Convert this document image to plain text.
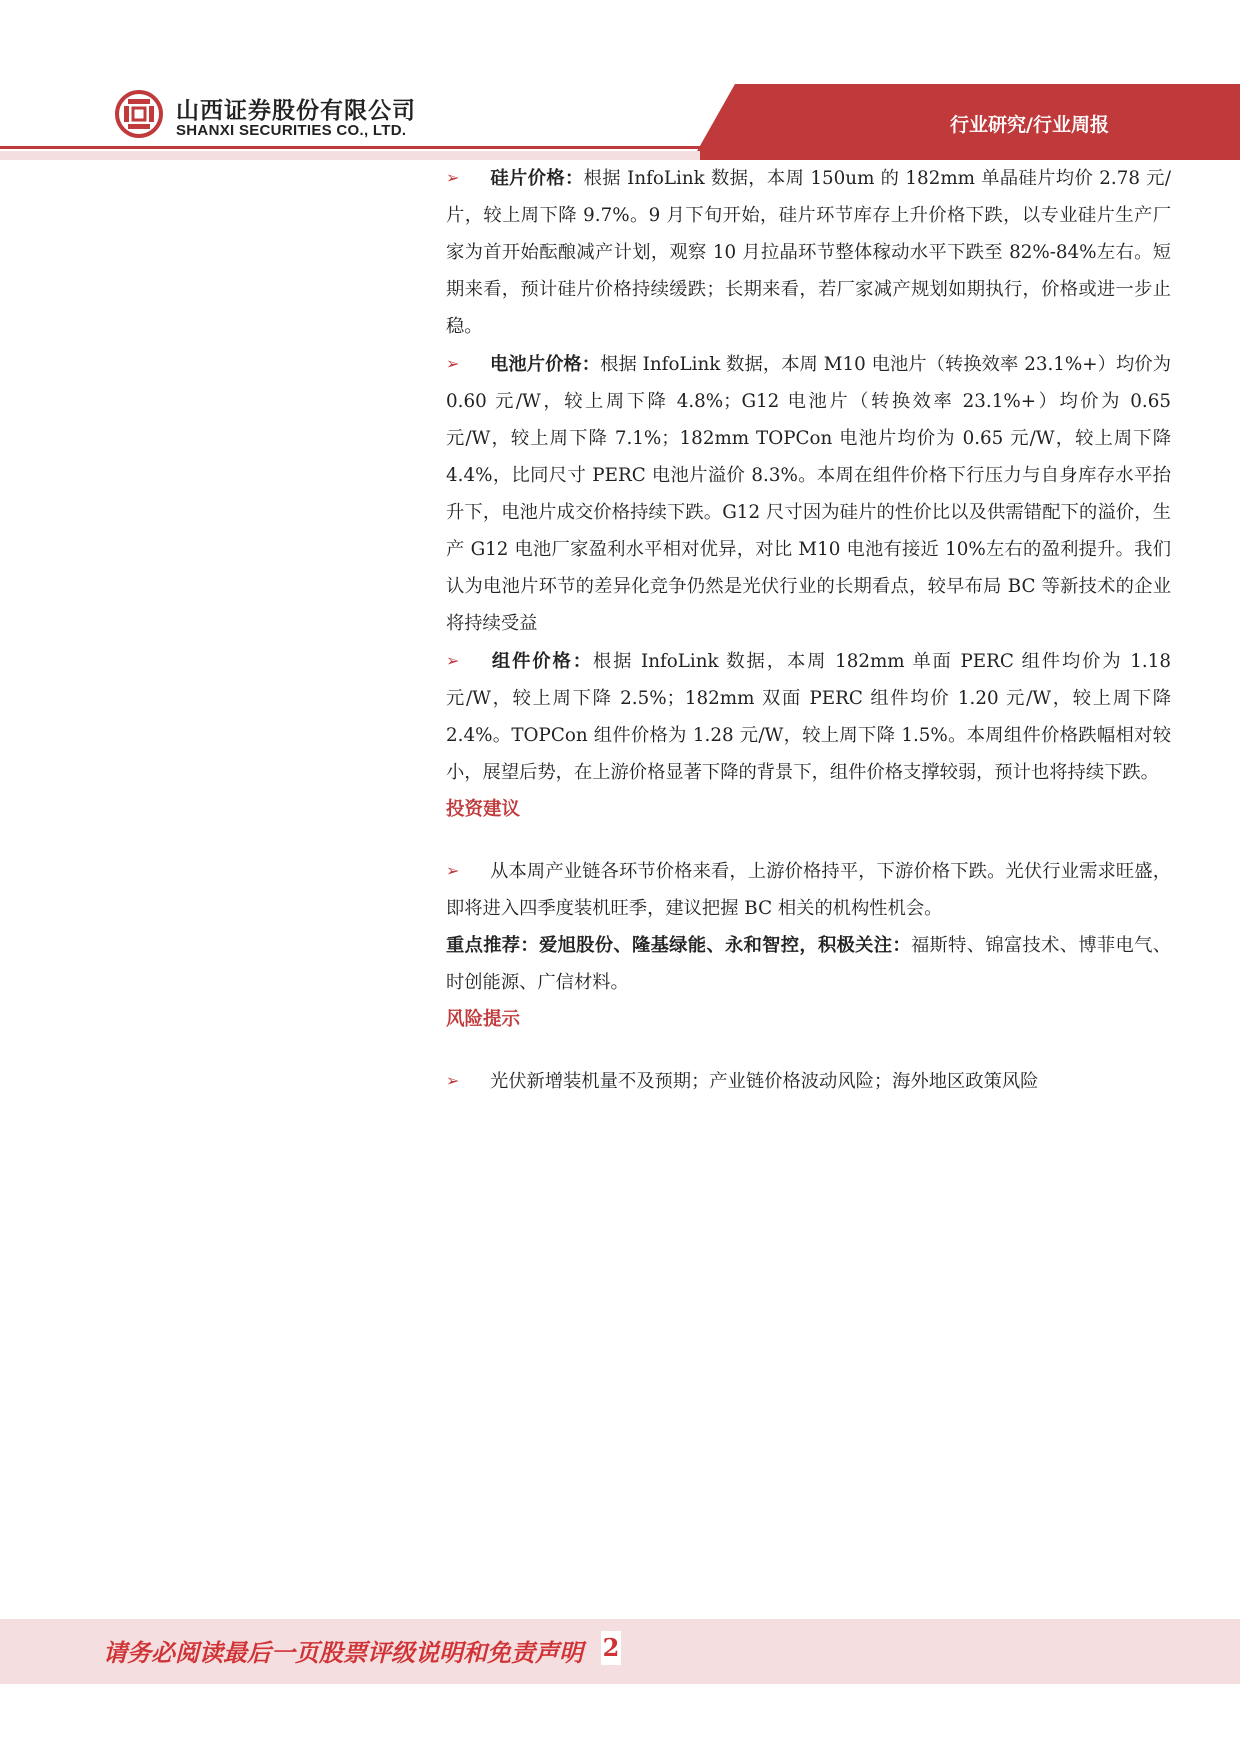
山西证券股份有限公司
SHANXI SECURITIES CO., LTD.	行业研究/行业周报

➢ 硅片价格：根据 InfoLink 数据，本周 150um 的 182mm 单晶硅片均价 2.78 元/片，较上周下降 9.7%。9 月下旬开始，硅片环节库存上升价格下跌，以专业硅片生产厂家为首开始酝酿减产计划，观察 10 月拉晶环节整体稼动水平下跌至 82%-84%左右。短期来看，预计硅片价格持续缓跌；长期来看，若厂家减产规划如期执行，价格或进一步止稳。

➢ 电池片价格：根据 InfoLink 数据，本周 M10 电池片（转换效率 23.1%+）均价为 0.60 元/W，较上周下降 4.8%；G12 电池片（转换效率 23.1%+）均价为 0.65 元/W，较上周下降 7.1%；182mm TOPCon 电池片均价为 0.65 元/W，较上周下降 4.4%，比同尺寸 PERC 电池片溢价 8.3%。本周在组件价格下行压力与自身库存水平抬升下，电池片成交价格持续下跌。G12 尺寸因为硅片的性价比以及供需错配下的溢价，生产 G12 电池厂家盈利水平相对优异，对比 M10 电池有接近 10%左右的盈利提升。我们认为电池片环节的差异化竞争仍然是光伏行业的长期看点，较早布局 BC 等新技术的企业将持续受益

➢ 组件价格：根据 InfoLink 数据，本周 182mm 单面 PERC 组件均价为 1.18 元/W，较上周下降 2.5%；182mm 双面 PERC 组件均价 1.20 元/W，较上周下降 2.4%。TOPCon 组件价格为 1.28 元/W，较上周下降 1.5%。本周组件价格跌幅相对较小，展望后势，在上游价格显著下降的背景下，组件价格支撑较弱，预计也将持续下跌。

投资建议

➢ 从本周产业链各环节价格来看，上游价格持平，下游价格下跌。光伏行业需求旺盛，即将进入四季度装机旺季，建议把握 BC 相关的机构性机会。

重点推荐：爱旭股份、隆基绿能、永和智控，积极关注：福斯特、锦富技术、博菲电气、时创能源、广信材料。

风险提示

➢ 光伏新增装机量不及预期；产业链价格波动风险；海外地区政策风险

请务必阅读最后一页股票评级说明和免责声明 2
